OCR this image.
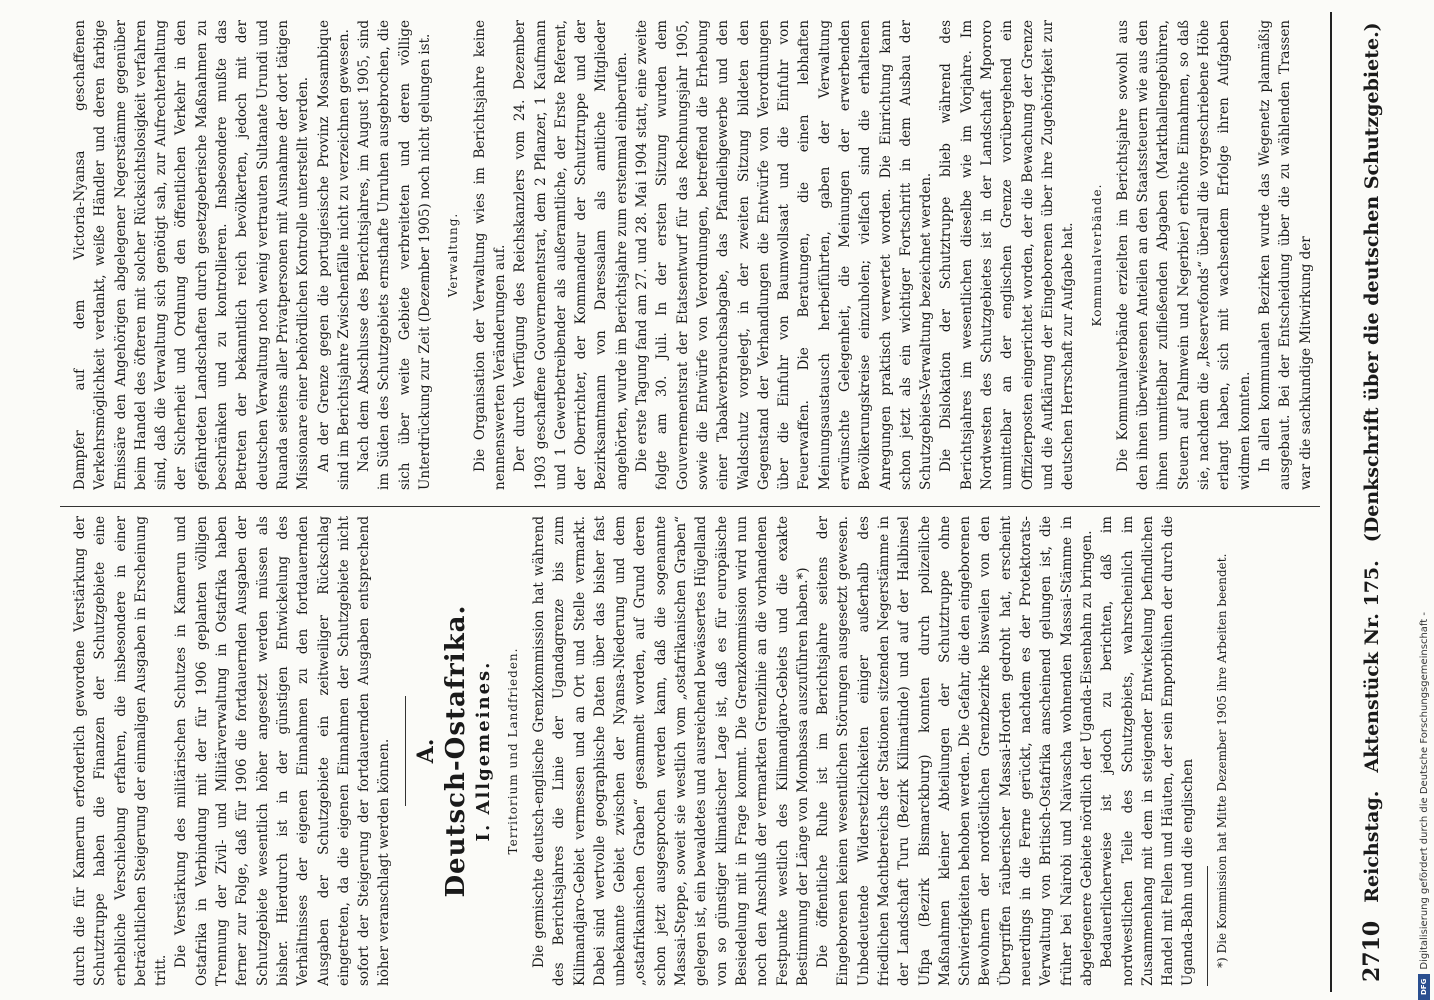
2710
Reichstag.
Aktenstück Nr. 175.
(Denkschrift über die deutschen Schutzgebiete.)

durch die für Kamerun erforderlich gewordene Verstärkung der Schutztruppe haben die Finanzen der Schutzgebiete eine erhebliche Verschiebung erfahren, die insbesondere in einer beträchtlichen Steigerung der einmaligen Ausgaben in Erscheinung tritt.

Die Verstärkung des militärischen Schutzes in Kamerun und Ostafrika in Verbindung mit der für 1906 geplanten völligen Trennung der Zivil- und Militärverwaltung in Ostafrika haben ferner zur Folge, daß für 1906 die fortdauernden Ausgaben der Schutzgebiete wesentlich höher angesetzt werden müssen als bisher. Hierdurch ist in der günstigen Entwickelung des Verhältnisses der eigenen Einnahmen zu den fortdauernden Ausgaben der Schutzgebiete ein zeitweiliger Rückschlag eingetreten, da die eigenen Einnahmen der Schutzgebiete nicht sofort der Steigerung der fortdauernden Ausgaben entsprechend höher veranschlagt werden können. A. Deutsch-Ostafrika. I. Allgemeines. Territorium und Landfrieden. Die gemischte deutsch-englische Grenzkommission hat während des Berichtsjahres die Linie der Ugandagrenze bis zum Kilimandjaro-Gebiet vermessen und an Ort und Stelle vermarkt. Dabei sind wertvolle geographische Daten über das bisher fast unbekannte Gebiet zwischen der Nyansa-Niederung und dem „ostafrikanischen Graben“ gesammelt worden, auf Grund deren schon jetzt ausgesprochen werden kann, daß die sogenannte Massai-Steppe, soweit sie westlich vom „ostafrikanischen Graben“ gelegen ist, ein bewaldetes und ausreichend bewässertes Hügelland von so günstiger klimatischer Lage ist, daß es für europäische Besiedelung mit in Frage kommt. Die Grenzkommission wird nun noch den Anschluß der vermarkten Grenzlinie an die vorhandenen Festpunkte westlich des Kilimandjaro-Gebiets und die exakte Bestimmung der Länge von Mombassa auszuführen haben.*) Die öffentliche Ruhe ist im Berichtsjahre seitens der Eingeborenen keinen wesentlichen Störungen ausgesetzt gewesen. Unbedeutende Widersetzlichkeiten einiger außerhalb des friedlichen Machtbereichs der Stationen sitzenden Negerstämme in der Landschaft Turu (Bezirk Kilimatinde) und auf der Halbinsel Ufipa (Bezirk Bismarckburg) konnten durch polizeiliche Maßnahmen kleiner Abteilungen der Schutztruppe ohne Schwierigkeiten behoben werden. Die Gefahr, die den eingeborenen Bewohnern der nordöstlichen Grenzbezirke bisweilen von den Übergriffen räuberischer Massai-Horden gedroht hat, erscheint neuerdings in die Ferne gerückt, nachdem es der Protektorats-Verwaltung von Britisch-Ostafrika anscheinend gelungen ist, die früher bei Nairobi und Naivascha wohnenden Massai-Stämme in abgelegenere Gebiete nördlich der Uganda-Eisenbahn zu bringen. Bedauerlicherweise ist jedoch zu berichten, daß im nordwestlichen Teile des Schutzgebiets, wahrscheinlich im Zusammenhang mit dem in steigender Entwickelung befindlichen Handel mit Fellen und Häuten, der sein Emporblühen der durch die Uganda-Bahn und die englischen *) Die Kommission hat Mitte Dezember 1905 ihre Arbeiten beendet.

Dampfer auf dem Victoria-Nyansa geschaffenen Verkehrsmöglichkeit verdankt, weiße Händler und deren farbige Emissäre den Angehörigen abgelegener Negerstämme gegenüber beim Handel des öfteren mit solcher Rücksichtslosigkeit verfahren sind, daß die Verwaltung sich genötigt sah, zur Aufrechterhaltung der Sicherheit und Ordnung den öffentlichen Verkehr in den gefährdeten Landschaften durch gesetzgeberische Maßnahmen zu beschränken und zu kontrollieren. Insbesondere mußte das Betreten der bekanntlich reich bevölkerten, jedoch mit der deutschen Verwaltung noch wenig vertrauten Sultanate Urundi und Ruanda seitens aller Privatpersonen mit Ausnahme der dort tätigen Missionare einer behördlichen Kontrolle unterstellt werden. An der Grenze gegen die portugiesische Provinz Mosambique sind im Berichtsjahre Zwischenfälle nicht zu verzeichnen gewesen. Nach dem Abschlusse des Berichtsjahres, im August 1905, sind im Süden des Schutzgebiets ernsthafte Unruhen ausgebrochen, die sich über weite Gebiete verbreiteten und deren völlige Unterdrückung zur Zeit (Dezember 1905) noch nicht gelungen ist. Verwaltung. Die Organisation der Verwaltung wies im Berichtsjahre keine nennenswerten Veränderungen auf. Der durch Verfügung des Reichskanzlers vom 24. Dezember 1903 geschaffene Gouvernementsrat, dem 2 Pflanzer, 1 Kaufmann und 1 Gewerbetreibender als außeramtliche, der Erste Referent, der Oberrichter, der Kommandeur der Schutztruppe und der Bezirksamtmann von Daressalam als amtliche Mitglieder angehörten, wurde im Berichtsjahre zum erstenmal einberufen. Die erste Tagung fand am 27. und 28. Mai 1904 statt, eine zweite folgte am 30. Juli. In der ersten Sitzung wurden dem Gouvernementsrat der Etatsentwurf für das Rechnungsjahr 1905, sowie die Entwürfe von Verordnungen, betreffend die Erhebung einer Tabakverbrauchsabgabe, das Pfandleihgewerbe und den Waldschutz vorgelegt, in der zweiten Sitzung bildeten den Gegenstand der Verhandlungen die Entwürfe von Verordnungen über die Einfuhr von Baumwollsaat und die Einfuhr von Feuerwaffen. Die Beratungen, die einen lebhaften Meinungsaustausch herbeiführten, gaben der Verwaltung erwünschte Gelegenheit, die Meinungen der erwerbenden Bevölkerungskreise einzuholen; vielfach sind die erhaltenen Anregungen praktisch verwertet worden. Die Einrichtung kann schon jetzt als ein wichtiger Fortschritt in dem Ausbau der Schutzgebiets-Verwaltung bezeichnet werden. Die Dislokation der Schutztruppe blieb während des Berichtsjahres im wesentlichen dieselbe wie im Vorjahre. Im Nordwesten des Schutzgebietes ist in der Landschaft Mpororo unmittelbar an der englischen Grenze vorübergehend ein Offizierposten eingerichtet worden, der die Bewachung der Grenze und die Aufklärung der Eingeborenen über ihre Zugehörigkeit zur deutschen Herrschaft zur Aufgabe hat. Kommunalverbände. Die Kommunalverbände erzielten im Berichtsjahre sowohl aus den ihnen überwiesenen Anteilen an den Staatssteuern wie aus den ihnen unmittelbar zufließenden Abgaben (Markthallengebühren, Steuern auf Palmwein und Negerbier) erhöhte Einnahmen, so daß sie, nachdem die „Reservefonds“ überall die vorgeschriebene Höhe erlangt haben, sich mit wachsendem Erfolge ihren Aufgaben widmen konnten. In allen kommunalen Bezirken wurde das Wegenetz planmäßig ausgebaut. Bei der Entscheidung über die zu wählenden Trassen war die sachkundige Mitwirkung der

Digitalisierung gefördert durch die Deutsche Forschungsgemeinschaft -
DFG
